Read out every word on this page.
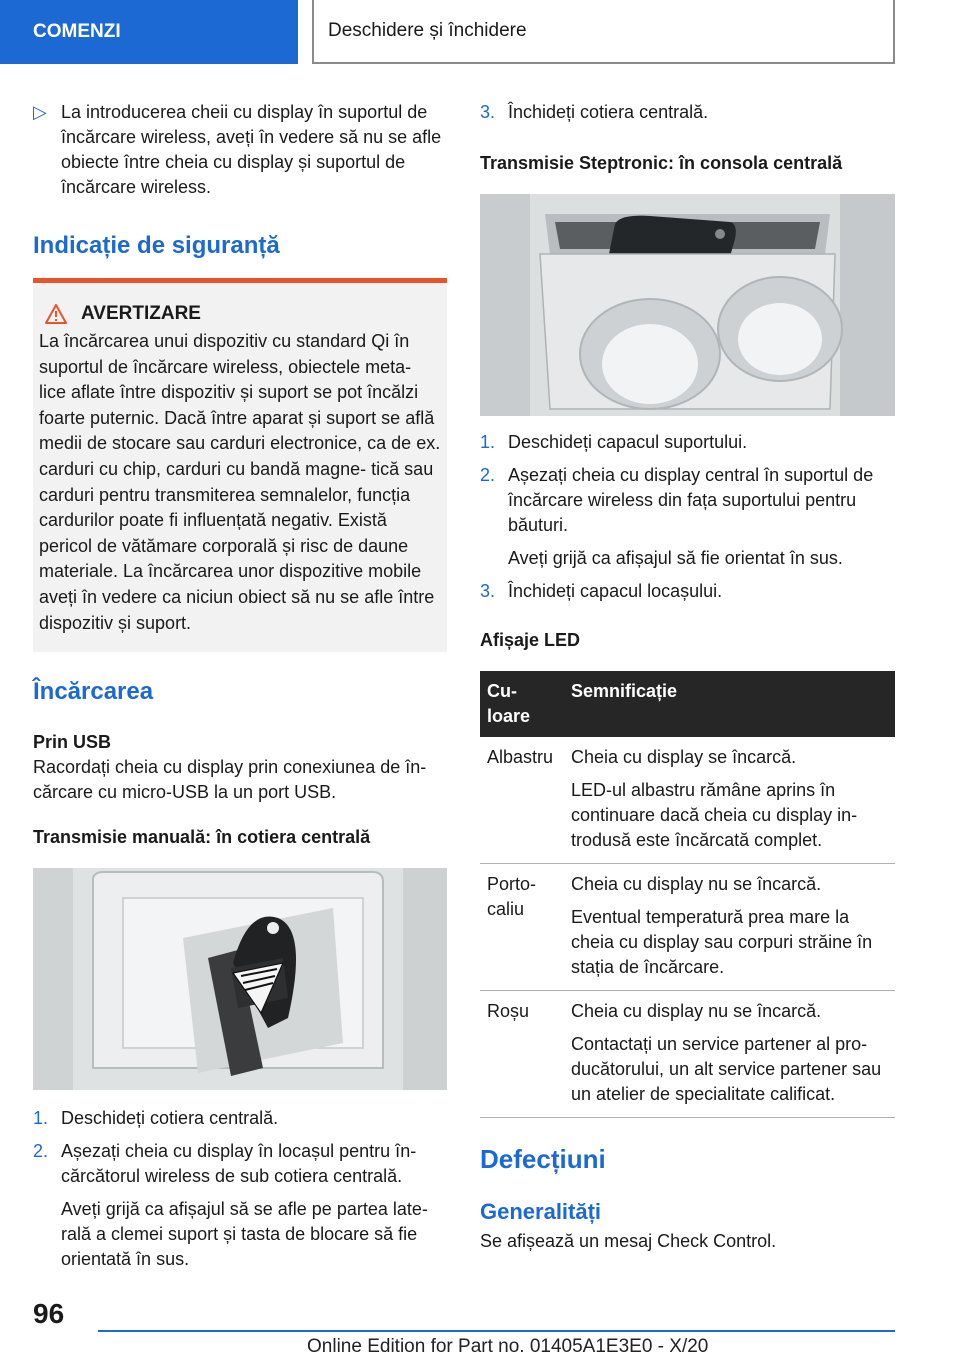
COMENZI	Deschidere și închidere
▷ La introducerea cheii cu display în suportul de încărcare wireless, aveți în vedere să nu se afle obiecte între cheia cu display și suportul de încărcare wireless.
Indicație de siguranță
AVERTIZARE

La încărcarea unui dispozitiv cu standard Qi în suportul de încărcare wireless, obiectele meta- lice aflate între dispozitiv și suport se pot încălzi foarte puternic. Dacă între aparat și suport se află medii de stocare sau carduri electronice, ca de ex. carduri cu chip, carduri cu bandă magne- tică sau carduri pentru transmiterea semnalelor, funcția cardurilor poate fi influențată negativ. Există pericol de vătămare corporală și risc de daune materiale. La încărcarea unor dispozitive mobile aveți în vedere ca niciun obiect să nu se afle între dispozitiv și suport.

Încărcarea
Prin USB

Racordați cheia cu display prin conexiunea de în- cărcare cu micro-USB la un port USB.

Transmisie manuală: în cotiera centrală
1. Deschideți cotiera centrală.
2. Așezați cheia cu display în locașul pentru în- cărcătorul wireless de sub cotiera centrală.
Aveți grijă ca afișajul să se afle pe partea late- rală a clemei suport și tasta de blocare să fie orientată în sus.
3. Închideți cotiera centrală.
Transmisie Steptronic: în consola centrală
1. Deschideți capacul suportului.
2. Așezați cheia cu display central în suportul de încărcare wireless din fața suportului pentru băuturi.
Aveți grijă ca afișajul să fie orientat în sus.
3. Închideți capacul locașului.
Afișaje LED
Cu- loare	Semnificație
Albastru	Cheia cu display se încarcă.

LED-ul albastru rămâne aprins în continuare dacă cheia cu display in- trodusă este încărcată complet.

Porto- caliu	Cheia cu display nu se încarcă.

Eventual temperatură prea mare la cheia cu display sau corpuri străine în stația de încărcare.

Roșu	Cheia cu display nu se încarcă.

Contactați un service partener al pro- ducătorului, un alt service partener sau un atelier de specialitate calificat.

Defecțiuni
Generalități

Se afișează un mesaj Check Control.

96
Online Edition for Part no. 01405A1E3E0 - X/20
